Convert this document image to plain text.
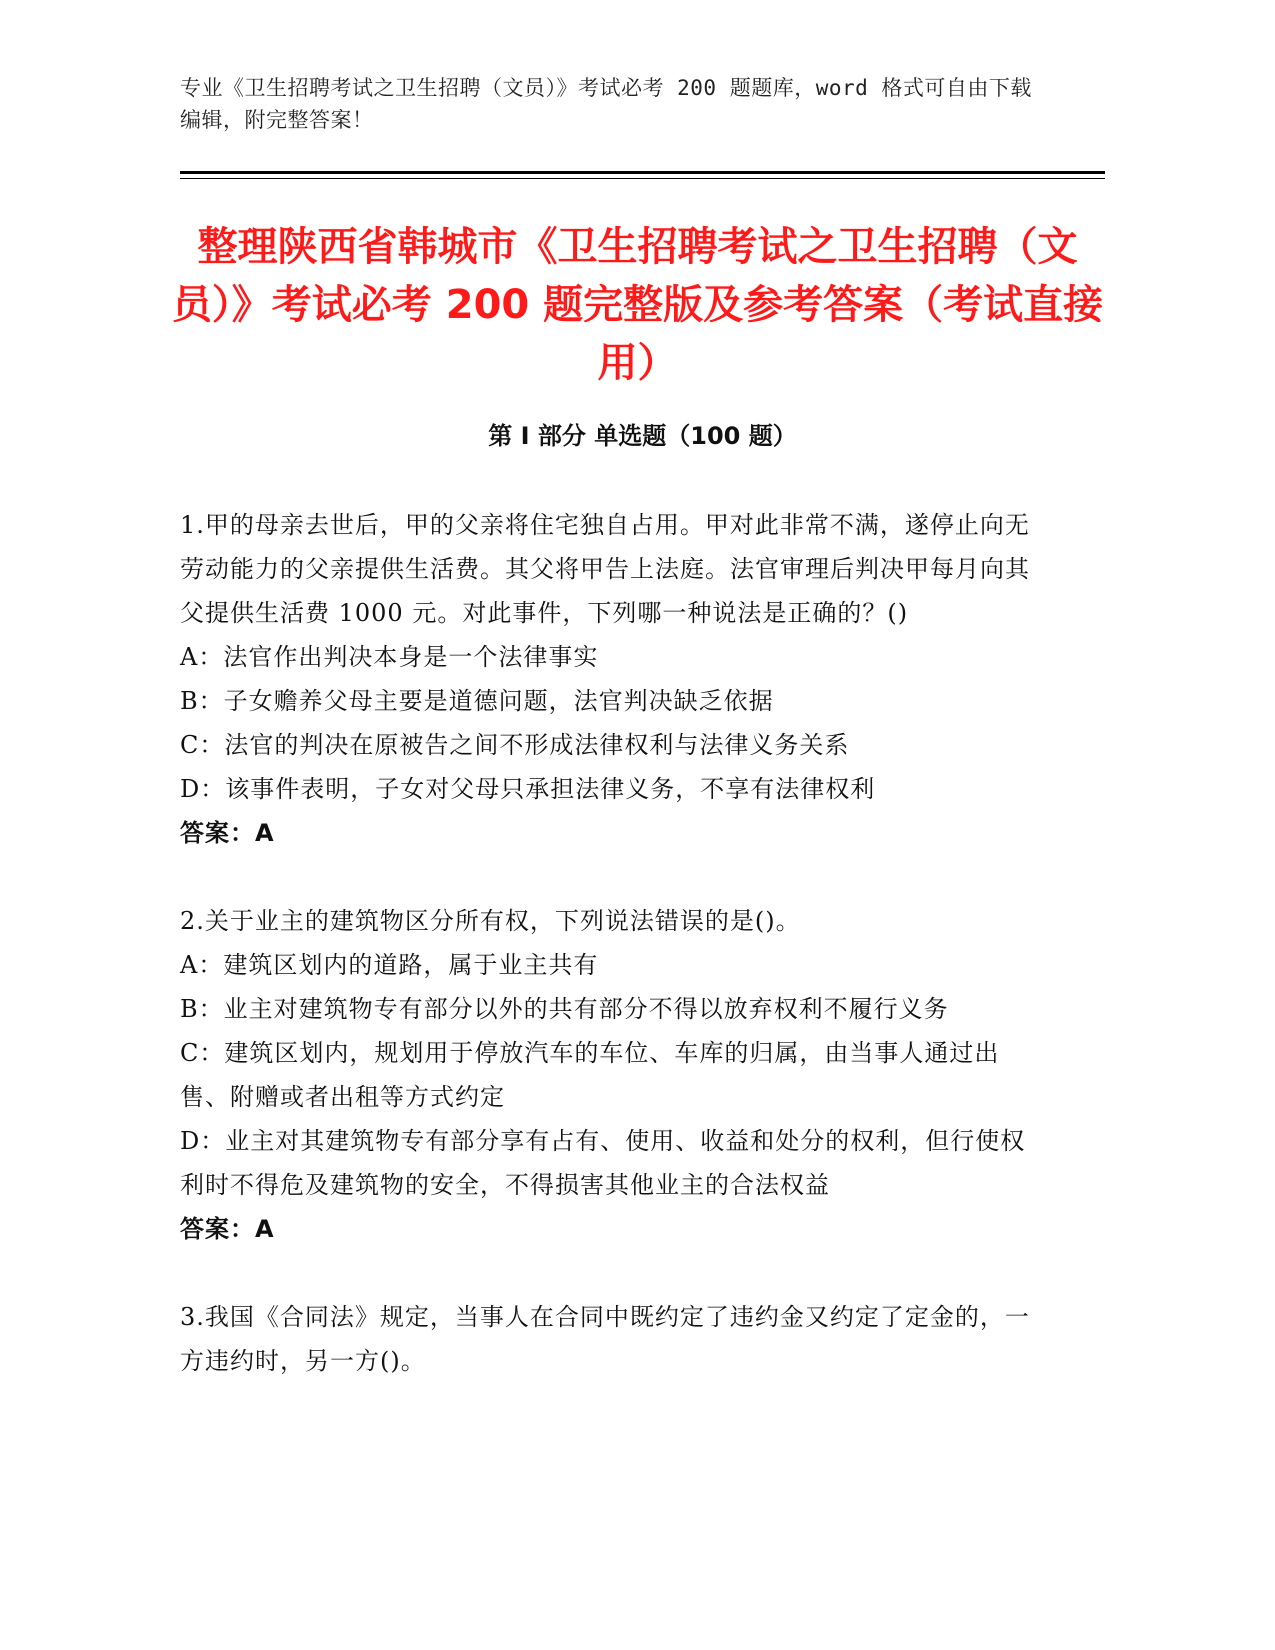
专业《卫生招聘考试之卫生招聘（文员）》考试必考 200 题题库，word 格式可自由下载编辑，附完整答案！
整理陕西省韩城市《卫生招聘考试之卫生招聘（文员）》考试必考 200 题完整版及参考答案（考试直接用）
第 I 部分 单选题（100 题）

1.甲的母亲去世后，甲的父亲将住宅独自占用。甲对此非常不满，遂停止向无劳动能力的父亲提供生活费。其父将甲告上法庭。法官审理后判决甲每月向其父提供生活费 1000 元。对此事件，下列哪一种说法是正确的？()

A：法官作出判决本身是一个法律事实

B：子女赡养父母主要是道德问题，法官判决缺乏依据

C：法官的判决在原被告之间不形成法律权利与法律义务关系

D：该事件表明，子女对父母只承担法律义务，不享有法律权利

答案：A

2.关于业主的建筑物区分所有权，下列说法错误的是()。

A：建筑区划内的道路，属于业主共有

B：业主对建筑物专有部分以外的共有部分不得以放弃权利不履行义务

C：建筑区划内，规划用于停放汽车的车位、车库的归属，由当事人通过出售、附赠或者出租等方式约定

D：业主对其建筑物专有部分享有占有、使用、收益和处分的权利，但行使权利时不得危及建筑物的安全，不得损害其他业主的合法权益

答案：A

3.我国《合同法》规定，当事人在合同中既约定了违约金又约定了定金的，一方违约时，另一方()。
